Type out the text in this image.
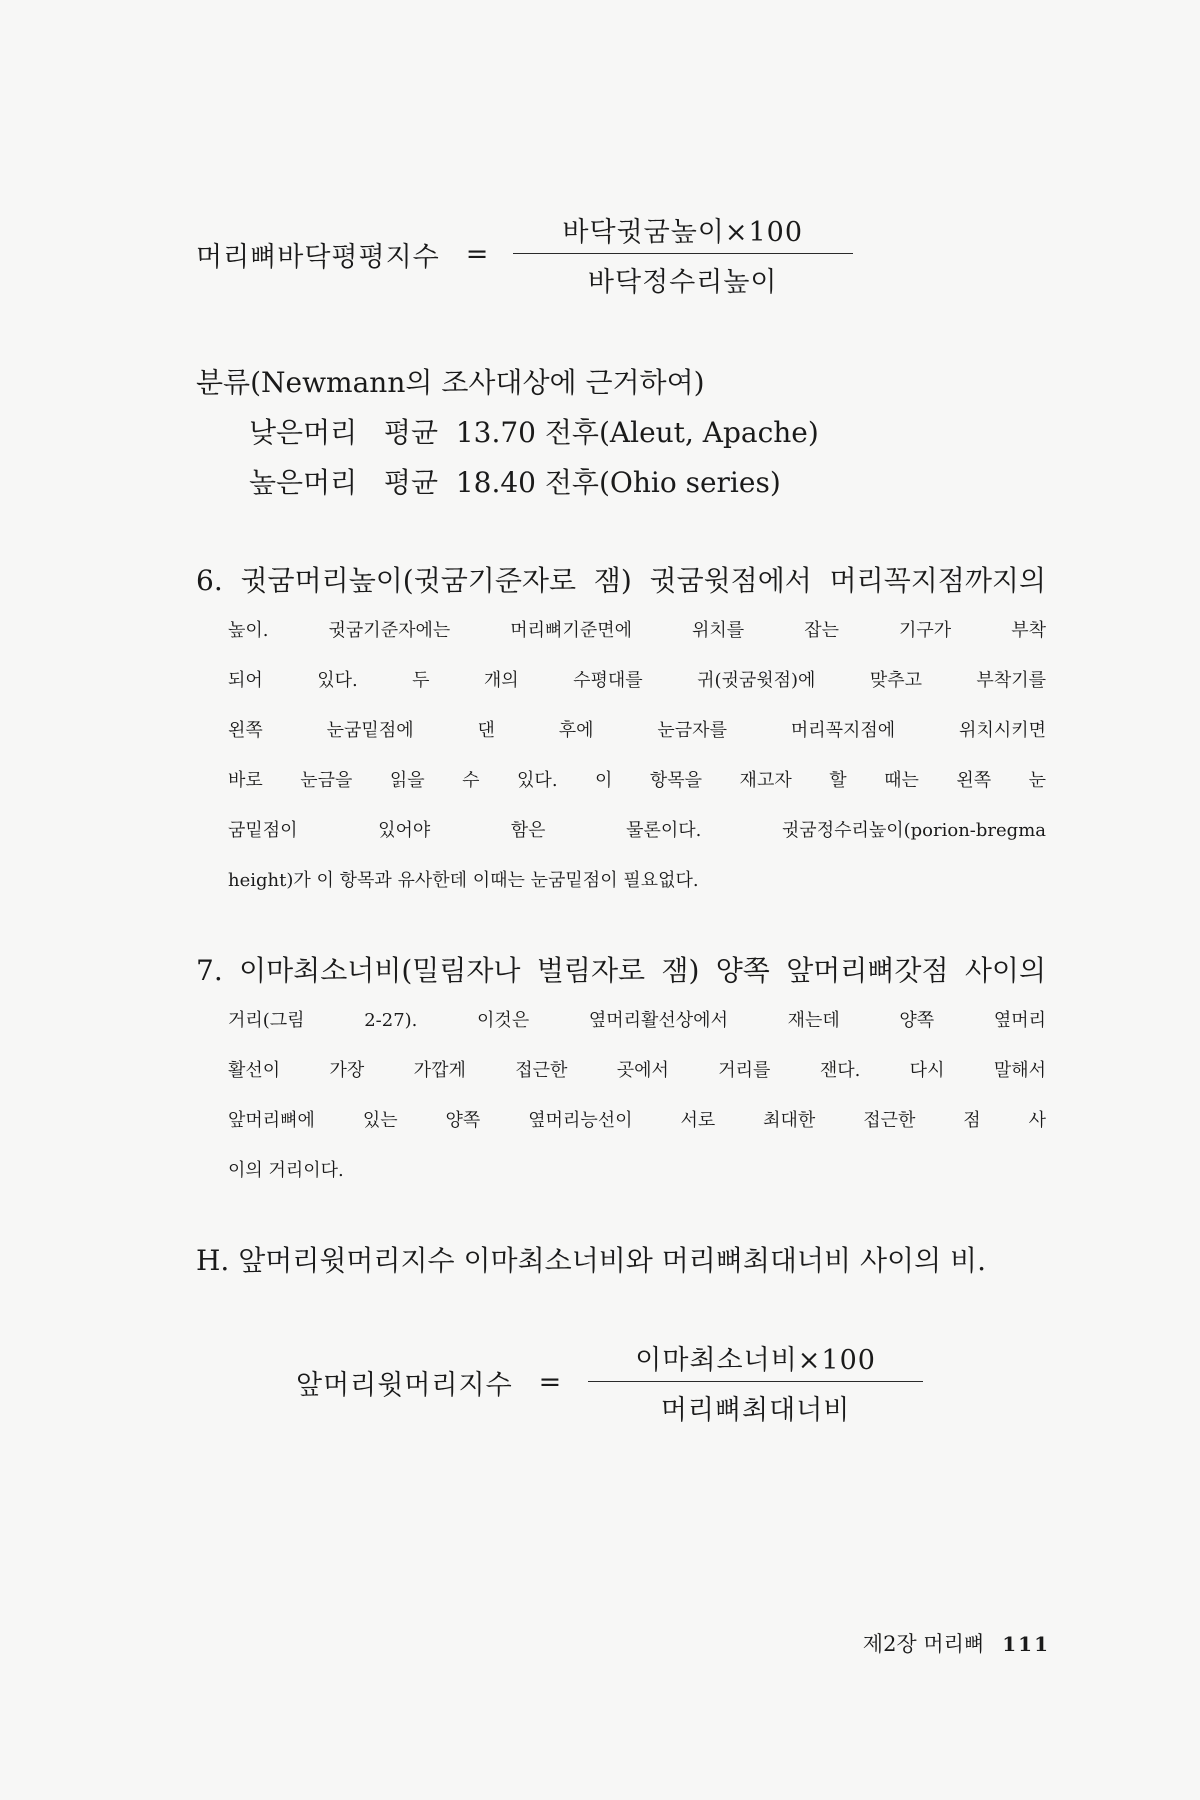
머리뼈바닥평평지수 = $\frac{\text{바닥귓굼높이×100}}{\text{바닥정수리높이}}$
분류(Newmann의 조사대상에 근거하여)
낮은머리 평균 13.70 전후(Aleut, Apache)
높은머리 평균 18.40 전후(Ohio series)
6. 귓굼머리높이(귓굼기준자로 잼) 귓굼윗점에서 머리꼭지점까지의
높이. 귓굼기준자에는 머리뼈기준면에 위치를 잡는 기구가 부착
되어 있다. 두 개의 수평대를 귀(귓굼윗점)에 맞추고 부착기를
왼쪽 눈굼밑점에 댄 후에 눈금자를 머리꼭지점에 위치시키면
바로 눈금을 읽을 수 있다. 이 항목을 재고자 할 때는 왼쪽 눈
굼밑점이 있어야 함은 물론이다. 귓굼정수리높이(porion-bregma
height)가 이 항목과 유사한데 이때는 눈굼밑점이 필요없다.
7. 이마최소너비(밀림자나 벌림자로 잼) 양쪽 앞머리뼈갓점 사이의
거리(그림 2-27). 이것은 옆머리활선상에서 재는데 양쪽 옆머리
활선이 가장 가깝게 접근한 곳에서 거리를 잰다. 다시 말해서
앞머리뼈에 있는 양쪽 옆머리능선이 서로 최대한 접근한 점 사
이의 거리이다.
H. 앞머리윗머리지수 이마최소너비와 머리뼈최대너비 사이의 비.
앞머리윗머리지수 = $\frac{\text{이마최소너비×100}}{\text{머리뼈최대너비}}$
제2장 머리뼈 111
